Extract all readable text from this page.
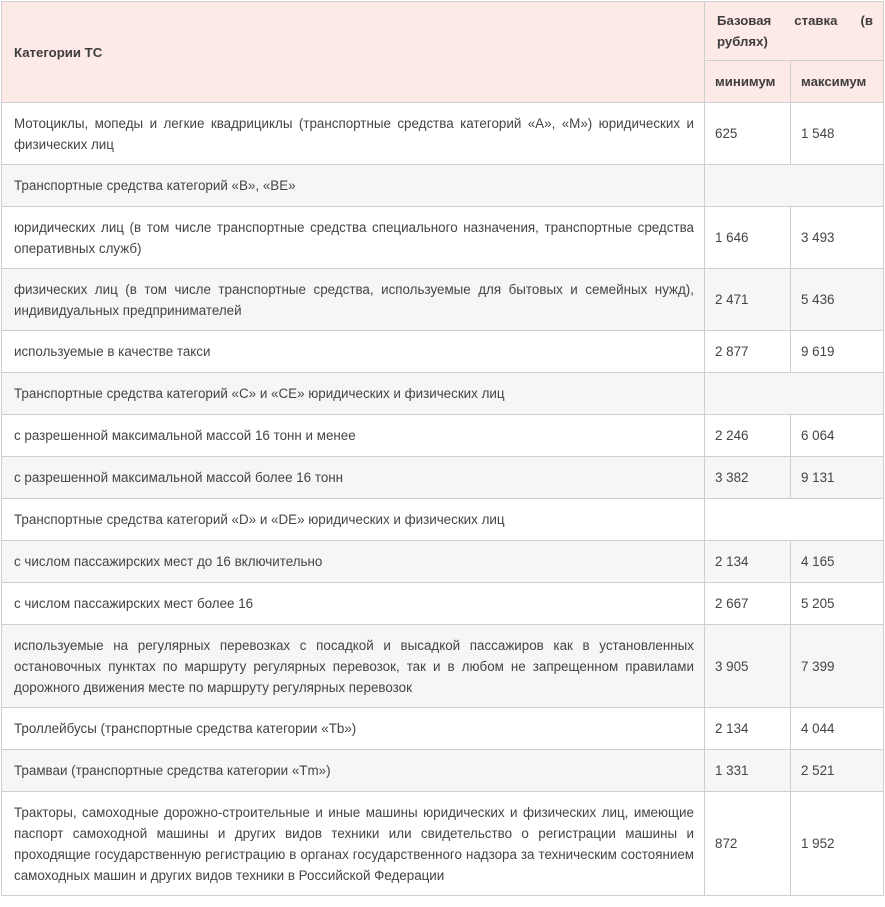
Категории ТС	Базовая ставка (в рублях)	
	минимум	максимум
Мотоциклы, мопеды и легкие квадрициклы (транспортные средства категорий «А», «М») юридических и физических лиц	625	1 548
Транспортные средства категорий «В», «ВЕ»		
юридических лиц (в том числе транспортные средства специального назначения, транспортные средства оперативных служб)	1 646	3 493
физических лиц (в том числе транспортные средства, используемые для бытовых и семейных нужд), индивидуальных предпринимателей	2 471	5 436
используемые в качестве такси	2 877	9 619
Транспортные средства категорий «С» и «СЕ» юридических и физических лиц		
с разрешенной максимальной массой 16 тонн и менее	2 246	6 064
с разрешенной максимальной массой более 16 тонн	3 382	9 131
Транспортные средства категорий «D» и «DE» юридических и физических лиц		
с числом пассажирских мест до 16 включительно	2 134	4 165
с числом пассажирских мест более 16	2 667	5 205
используемые на регулярных перевозках с посадкой и высадкой пассажиров как в установленных остановочных пунктах по маршруту регулярных перевозок, так и в любом не запрещенном правилами дорожного движения месте по маршруту регулярных перевозок	3 905	7 399
Троллейбусы (транспортные средства категории «Tb»)	2 134	4 044
Трамваи (транспортные средства категории «Tm»)	1 331	2 521
Тракторы, самоходные дорожно-строительные и иные машины юридических и физических лиц, имеющие паспорт самоходной машины и других видов техники или свидетельство о регистрации машины и проходящие государственную регистрацию в органах государственного надзора за техническим состоянием самоходных машин и других видов техники в Российской Федерации	872	1 952
